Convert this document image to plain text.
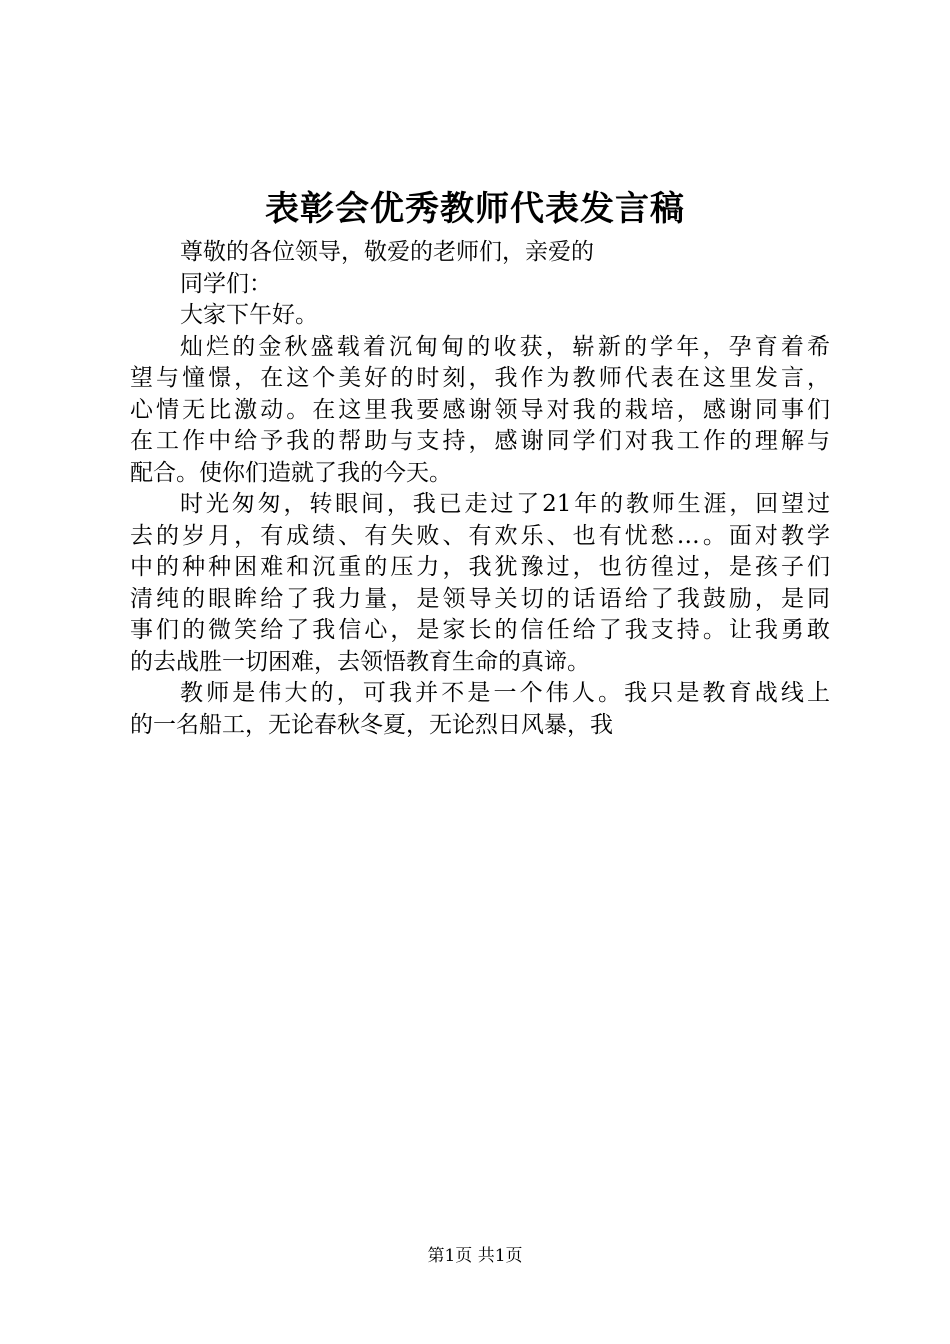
表彰会优秀教师代表发言稿
尊敬的各位领导，敬爱的老师们，亲爱的
同学们：
大家下午好。
灿烂的金秋盛载着沉甸甸的收获，崭新的学年，孕育着希
望与憧憬，在这个美好的时刻，我作为教师代表在这里发言，
心情无比激动。在这里我要感谢领导对我的栽培，感谢同事们
在工作中给予我的帮助与支持，感谢同学们对我工作的理解与
配合。使你们造就了我的今天。
时光匆匆，转眼间，我已走过了21年的教师生涯，回望过
去的岁月，有成绩、有失败、有欢乐、也有忧愁…。面对教学
中的种种困难和沉重的压力，我犹豫过，也彷徨过，是孩子们
清纯的眼眸给了我力量，是领导关切的话语给了我鼓励，是同
事们的微笑给了我信心，是家长的信任给了我支持。让我勇敢
的去战胜一切困难，去领悟教育生命的真谛。
教师是伟大的，可我并不是一个伟人。我只是教育战线上
的一名船工，无论春秋冬夏，无论烈日风暴，我
第1页 共1页
